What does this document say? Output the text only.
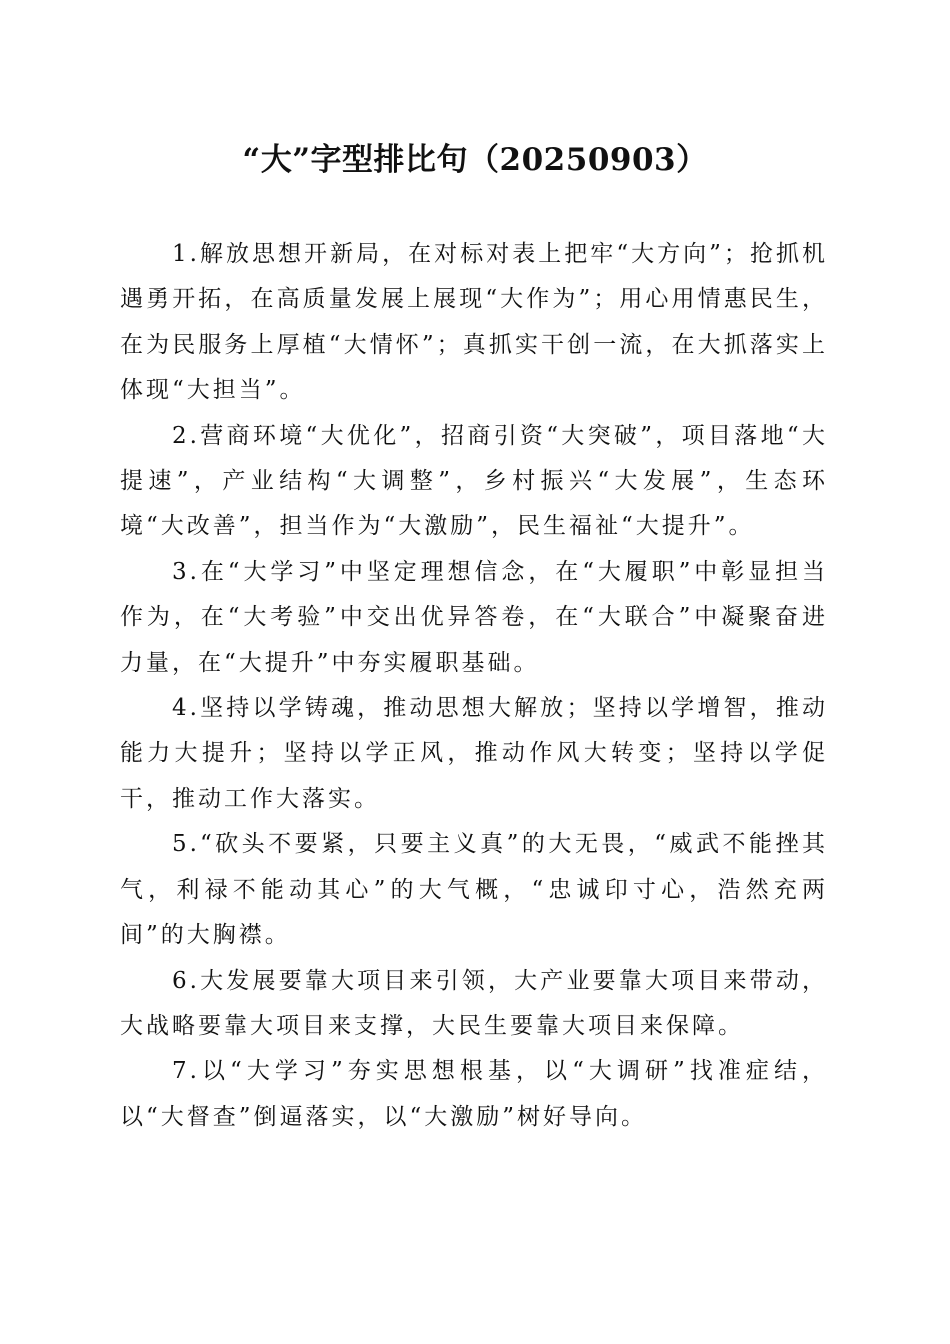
“大”字型排比句（20250903）

1.解放思想开新局，在对标对表上把牢“大方向”；抢抓机遇勇开拓，在高质量发展上展现“大作为”；用心用情惠民生，在为民服务上厚植“大情怀”；真抓实干创一流，在大抓落实上体现“大担当”。

2.营商环境“大优化”，招商引资“大突破”，项目落地“大提速”，产业结构“大调整”，乡村振兴“大发展”，生态环境“大改善”，担当作为“大激励”，民生福祉“大提升”。

3.在“大学习”中坚定理想信念，在“大履职”中彰显担当作为，在“大考验”中交出优异答卷，在“大联合”中凝聚奋进力量，在“大提升”中夯实履职基础。

4.坚持以学铸魂，推动思想大解放；坚持以学增智，推动能力大提升；坚持以学正风，推动作风大转变；坚持以学促干，推动工作大落实。

5.“砍头不要紧，只要主义真”的大无畏，“威武不能挫其气，利禄不能动其心”的大气概，“忠诚印寸心，浩然充两间”的大胸襟。

6.大发展要靠大项目来引领，大产业要靠大项目来带动，大战略要靠大项目来支撑，大民生要靠大项目来保障。

7.以“大学习”夯实思想根基，以“大调研”找准症结，以“大督查”倒逼落实，以“大激励”树好导向。
